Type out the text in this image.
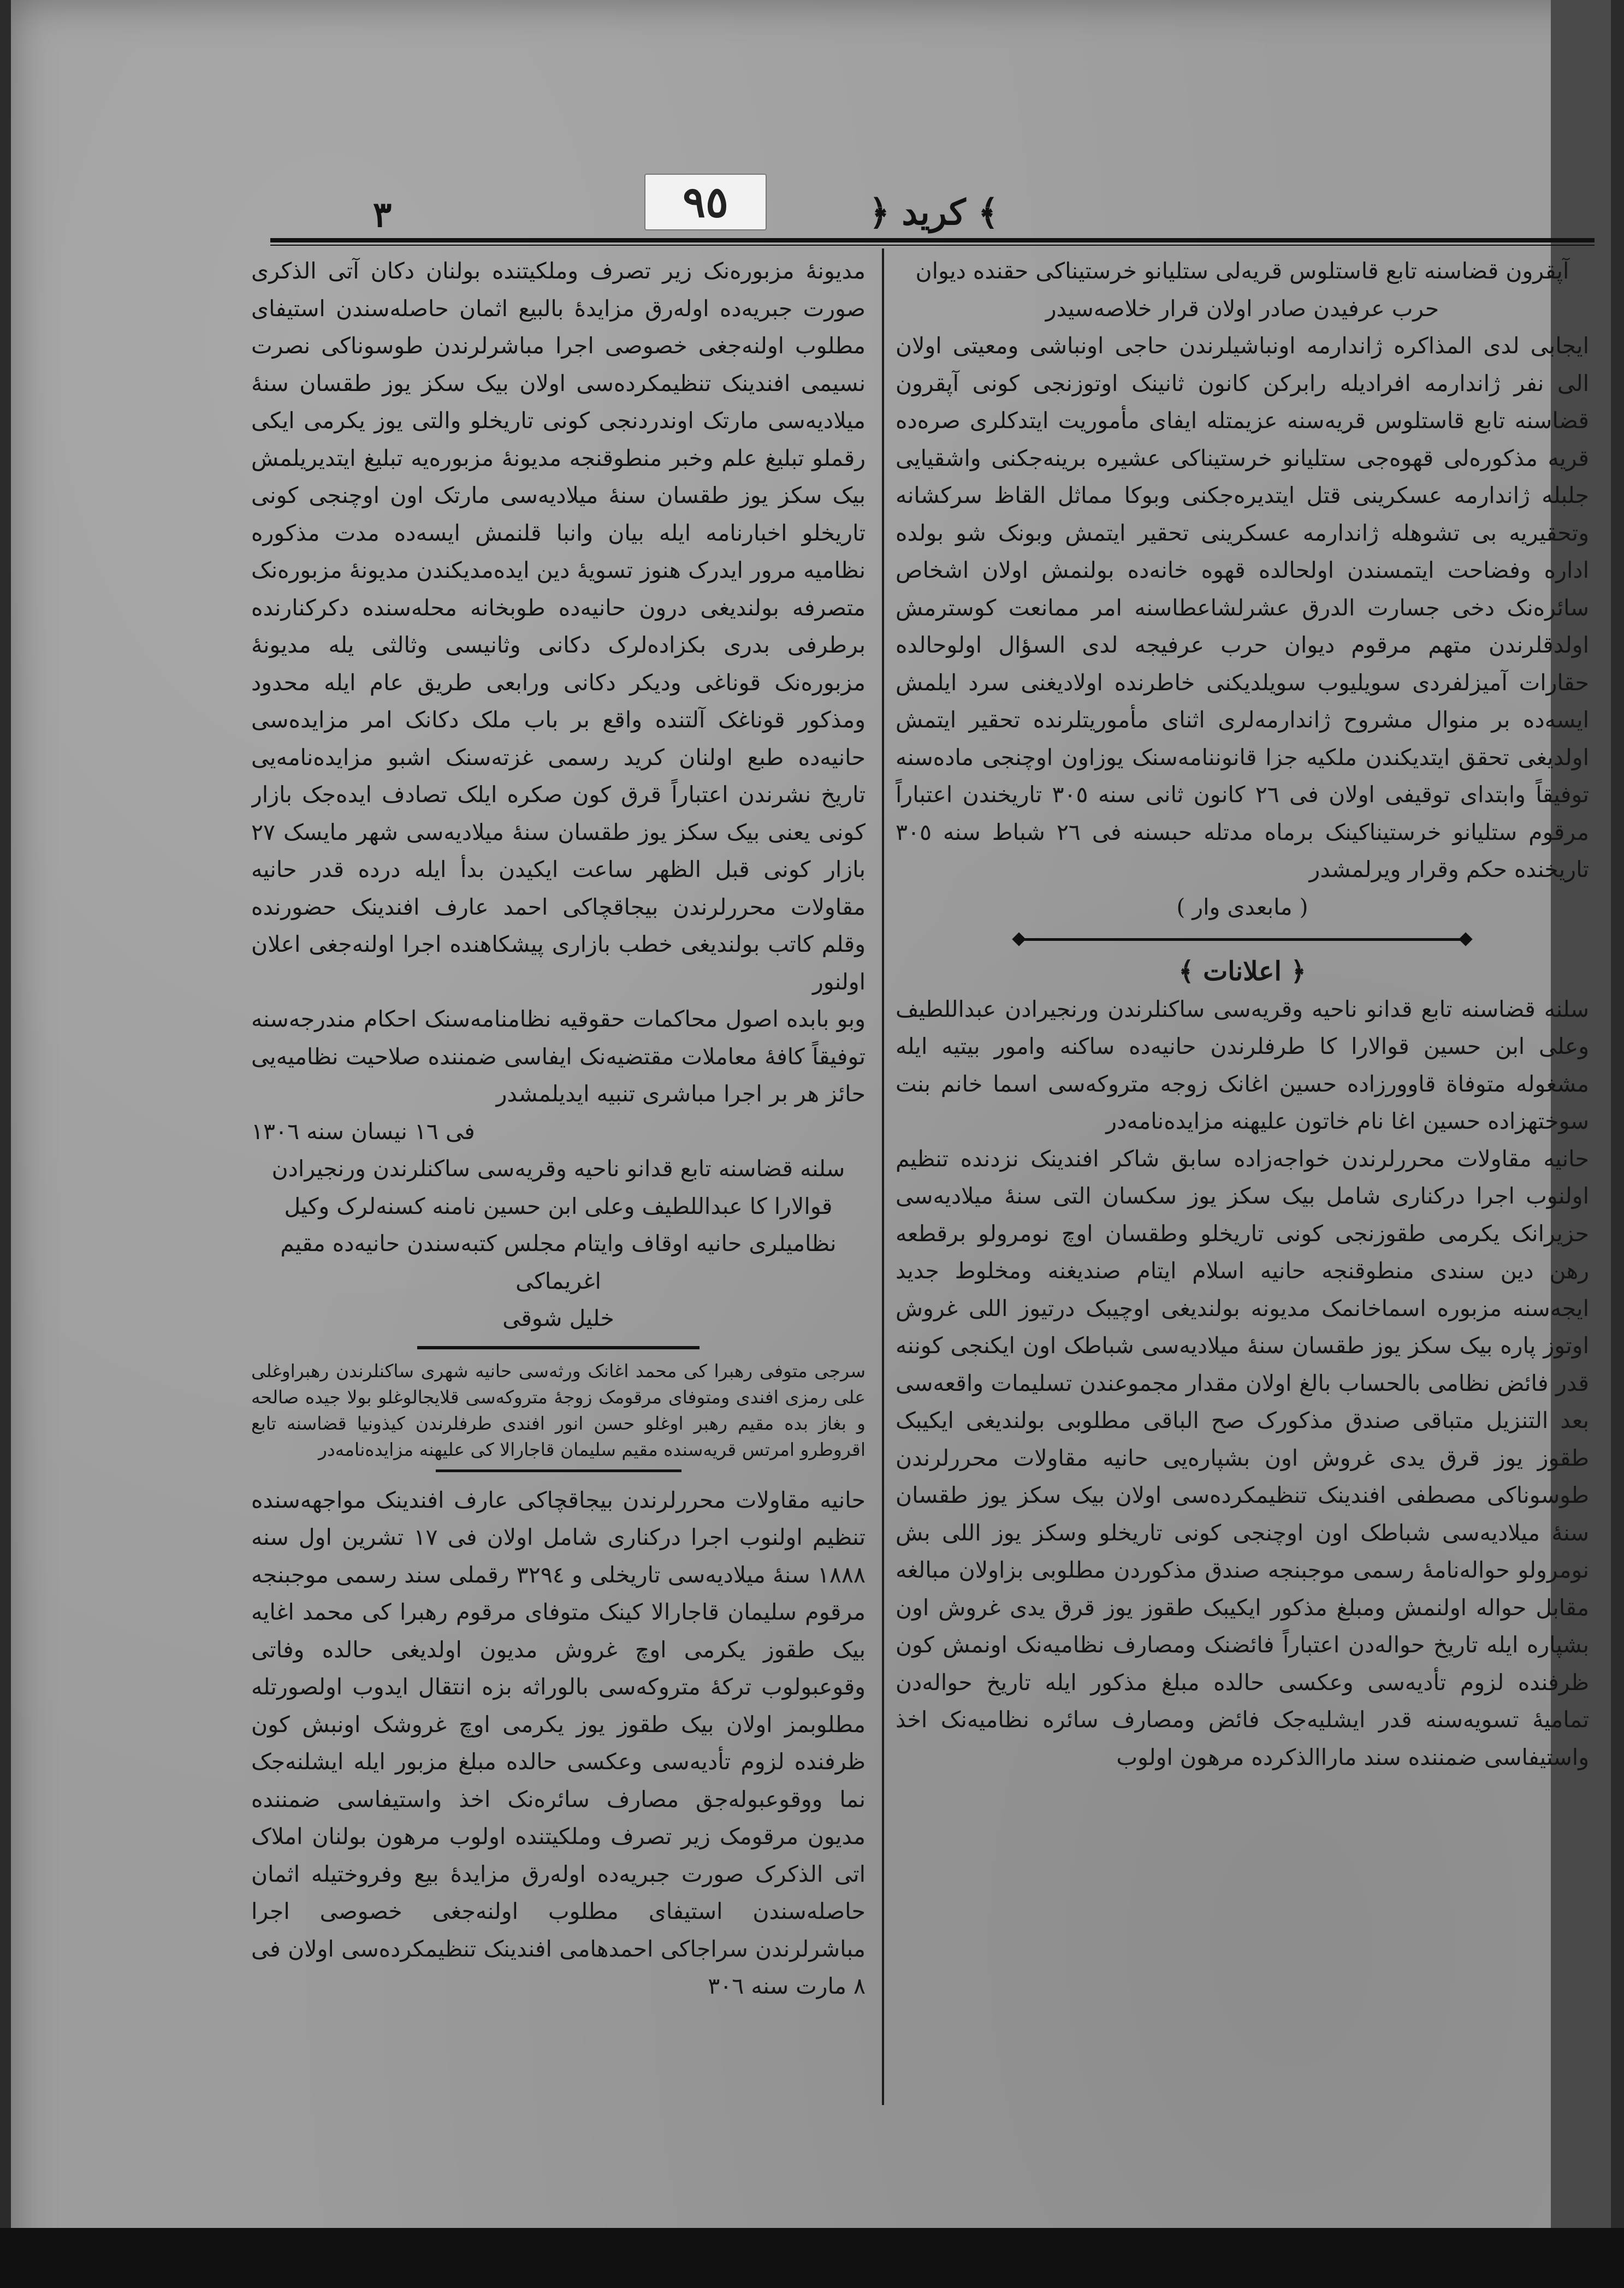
٩٥	﴾ كريد ﴿
٣

آپقرون قضاسنه تابع قاستلوس قریه‌لی ستلیانو خرستیناکی حقنده دیوان حرب عرفیدن صادر اولان قرار خلاصه‌سیدر

ایجابی لدی المذاکره ژاندارمه اونباشیلرندن حاجی اونباشی ومعیتی اولان الی نفر ژاندارمه افرادیله رابرکن کانون ثانینک اوتوزنجی کونی آپقرون قضاسنه تابع قاستلوس قریه‌سنه عزیمتله ایفای مأموریت ایتدکلری صره‌ده قریه مذکوره‌لی قهوه‌جی ستلیانو خرستیناکی عشیره برینه‌جکنی واشقیایی جلبله ژاندارمه عسکرینی قتل ایتدیره‌جکنی وبوکا مماثل القاظ سرکشانه وتحقیریه بی تشوهله ژاندارمه عسکرینی تحقیر ایتمش وبونک شو بولده اداره وفضاحت ایتمسندن اولحالده قهوه خانه‌ده بولنمش اولان اشخاص سائره‌نک دخی جسارت الدرق عشرلشاعطاسنه امر ممانعت کوسترمش اولدقلرندن متهم مرقوم دیوان حرب عرفیجه لدی السؤال اولوحالده حقارات آمیزلفردی سویلیوب سویلدیکنی خاطرنده اولادیغنی سرد ایلمش ایسه‌ده بر منوال مشروح ژاندارمه‌لری اثنای مأموریتلرنده تحقیر ایتمش اولدیغی تحقق ایتدیکندن ملکیه جزا قانوننامه‌سنک یوزاون اوچنجی ماده‌سنه توفیقاً وابتدای توقیفی اولان فی ٢٦ کانون ثانی سنه ٣٠٥ تاریخندن اعتباراً مرقوم ستلیانو خرستیناکینک برماه مدتله حبسنه فی ٢٦ شباط سنه ٣٠٥ تاریخنده حکم وقرار ویرلمشدر

( مابعدی وار )

﴿ اعلانات ﴾

سلنه قضاسنه تابع قدانو ناحیه وقریه‌سی ساکنلرندن ورنجیرادن عبداللطیف وعلی ابن حسین قوالارا کا طرفلرندن حانیه‌ده ساکنه وامور بیتیه ایله مشغوله متوفاة قاوورزاده حسین اغانک زوجه متروکه‌سی اسما خانم بنت سوختهزاده حسین اغا نام خاتون علیهنه مزایده‌نامه‌در

حانیه مقاولات محررلرندن خواجه‌زاده سابق شاکر افندینک نزدنده تنظیم اولنوب اجرا درکناری شامل بیک سکز یوز سکسان التی سنهٔ میلادیه‌سی حزیرانک یکرمی طقوزنجی کونی تاریخلو وطقسان اوچ نومرولو برقطعه رهن دین سندی منطوقنجه حانیه اسلام ایتام صندیغنه ومخلوط جدید ایجه‌سنه مزبوره اسماخانمک مدیونه بولندیغی اوچیبک درتیوز اللی غروش اوتوز پاره بیک سکز یوز طقسان سنهٔ میلادیه‌سی شباطک اون ایکنجی کوننه قدر فائض نظامی بالحساب بالغ اولان مقدار مجموعندن تسلیمات واقعه‌سی بعد التنزیل متباقی صندق مذکورک صح الباقی مطلوبی بولندیغی ایکیبک طقوز یوز قرق یدی غروش اون بشپاره‌یی حانیه مقاولات محررلرندن طوسوناکی مصطفی افندینک تنظیمکرده‌سی اولان بیک سکز یوز طقسان سنهٔ میلادیه‌سی شباطک اون اوچنجی کونی تاریخلو وسکز یوز اللی بش نومرولو حواله‌نامهٔ رسمی موجبنجه صندق مذکوردن مطلوبی بزاولان مبالغه مقابل حواله اولنمش ومبلغ مذکور ایکیبک طقوز یوز قرق یدی غروش اون بشپاره ایله تاریخ حواله‌دن اعتباراً فائضنک ومصارف نظامیه‌نک اونمش کون ظرفنده لزوم تأدیه‌سی وعکسی حالده مبلغ مذکور ایله تاریخ حواله‌دن تمامیهٔ تسویه‌سنه قدر ایشلیه‌جک فائض ومصارف سائره نظامیه‌نک اخذ واستیفاسی ضمننده سند ماراالذکرده مرهون اولوب

مدیونهٔ مزبوره‌نک زیر تصرف وملکیتنده بولنان دکان آتی الذکری صورت جبریه‌ده اوله‌رق مزایدهٔ بالبیع اثمان حاصله‌سندن استیفای مطلوب اولنه‌جغی خصوصی اجرا مباشرلرندن طوسوناکی نصرت نسیمی افندینک تنظیمکرده‌سی اولان بیک سکز یوز طقسان سنهٔ میلادیه‌سی مارتک اوندردنجی کونی تاریخلو والتی یوز یکرمی ایکی رقملو تبلیغ علم وخبر منطوقنجه مدیونهٔ مزبوره‌یه تبلیغ ایتدیریلمش بیک سکز یوز طقسان سنهٔ میلادیه‌سی مارتک اون اوچنجی کونی تاریخلو اخبارنامه ایله بیان وانبا قلنمش ایسه‌ده مدت مذکوره نظامیه مرور ایدرک هنوز تسویهٔ دین ایده‌مدیکندن مدیونهٔ مزبوره‌نک متصرفه بولندیغی درون حانیه‌ده طوبخانه محله‌سنده دکرکنارنده برطرفی بدری بکزاده‌لرک دکانی وثانیسی وثالثی یله مدیونهٔ مزبوره‌نک قوناغی ودیکر دکانی ورابعی طریق عام ایله محدود ومذکور قوناغک آلتنده واقع بر باب ملک دکانک امر مزایده‌سی حانیه‌ده طبع اولنان کرید رسمی غزته‌سنک اشبو مزایده‌نامه‌یی تاریخ نشرندن اعتباراً قرق کون صکره ایلک تصادف ایده‌جک بازار کونی یعنی بیک سکز یوز طقسان سنهٔ میلادیه‌سی شهر مایسک ٢٧ بازار کونی قبل الظهر ساعت ایکیدن بدأ ایله درده قدر حانیه مقاولات محررلرندن بیجاقچاکی احمد عارف افندینک حضورنده وقلم کاتب بولندیغی خطب بازاری پیشکاهنده اجرا اولنه‌جغی اعلان اولنور

وبو بابده اصول محاکمات حقوقیه نظامنامه‌سنک احکام مندرجه‌سنه توفیقاً کافهٔ معاملات مقتضیه‌نک ایفاسی ضمننده صلاحیت نظامیه‌یی حائز هر بر اجرا مباشری تنبیه ایدیلمشدر

فی ١٦ نیسان سنه ١٣٠٦

سلنه قضاسنه تابع قدانو ناحیه وقریه‌سی ساکنلرندن ورنجیرادن قوالارا کا عبداللطیف وعلی ابن حسین نامنه کسنه‌لرک وکیل نظامیلری حانیه اوقاف وایتام مجلس کتبه‌سندن حانیه‌ده مقیم اغریماکی

خلیل شوقی

سرجی متوفی رهبرا کی محمد اغانک ورثه‌سی حانیه شهری ساکنلرندن رهبراوغلی علی رمزی افندی ومتوفای مرقومک زوجهٔ متروکه‌سی قلایجالوغلو بولا جیده صالحه و بغاز بده مقیم رهبر اوغلو حسن انور افندی طرفلرندن کیذونیا قضاسنه تابع اقروطرو امرتس قریه‌سنده مقیم سلیمان قاجارالا کی علیهنه مزایده‌نامه‌در

حانیه مقاولات محررلرندن بیجاقچاکی عارف افندینک مواجهه‌سنده تنظیم اولنوب اجرا درکناری شامل اولان فی ١٧ تشرین اول سنه ١٨٨٨ سنهٔ میلادیه‌سی تاریخلی و ٣٢٩٤ رقملی سند رسمی موجبنجه مرقوم سلیمان قاجارالا کینک متوفای مرقوم رهبرا کی محمد اغایه بیک طقوز یکرمی اوچ غروش مدیون اولدیغی حالده وفاتی وقوعبولوب ترکهٔ متروکه‌سی بالوراثه بزه انتقال ایدوب اولصورتله مطلوبمز اولان بیک طقوز یوز یکرمی اوچ غروشک اونبش کون ظرفنده لزوم تأدیه‌سی وعکسی حالده مبلغ مزبور ایله ایشلنه‌جک نما ووقوعبوله‌جق مصارف سائره‌نک اخذ واستیفاسی ضمننده مدیون مرقومک زیر تصرف وملکیتنده اولوب مرهون بولنان املاک اتی الذکرک صورت جبریه‌ده اوله‌رق مزایدهٔ بیع وفروختیله اثمان حاصله‌سندن استیفای مطلوب اولنه‌جغی خصوصی اجرا مباشرلرندن سراجاکی احمدهامی افندینک تنظیمکرده‌سی اولان فی ٨ مارت سنه ٣٠٦
